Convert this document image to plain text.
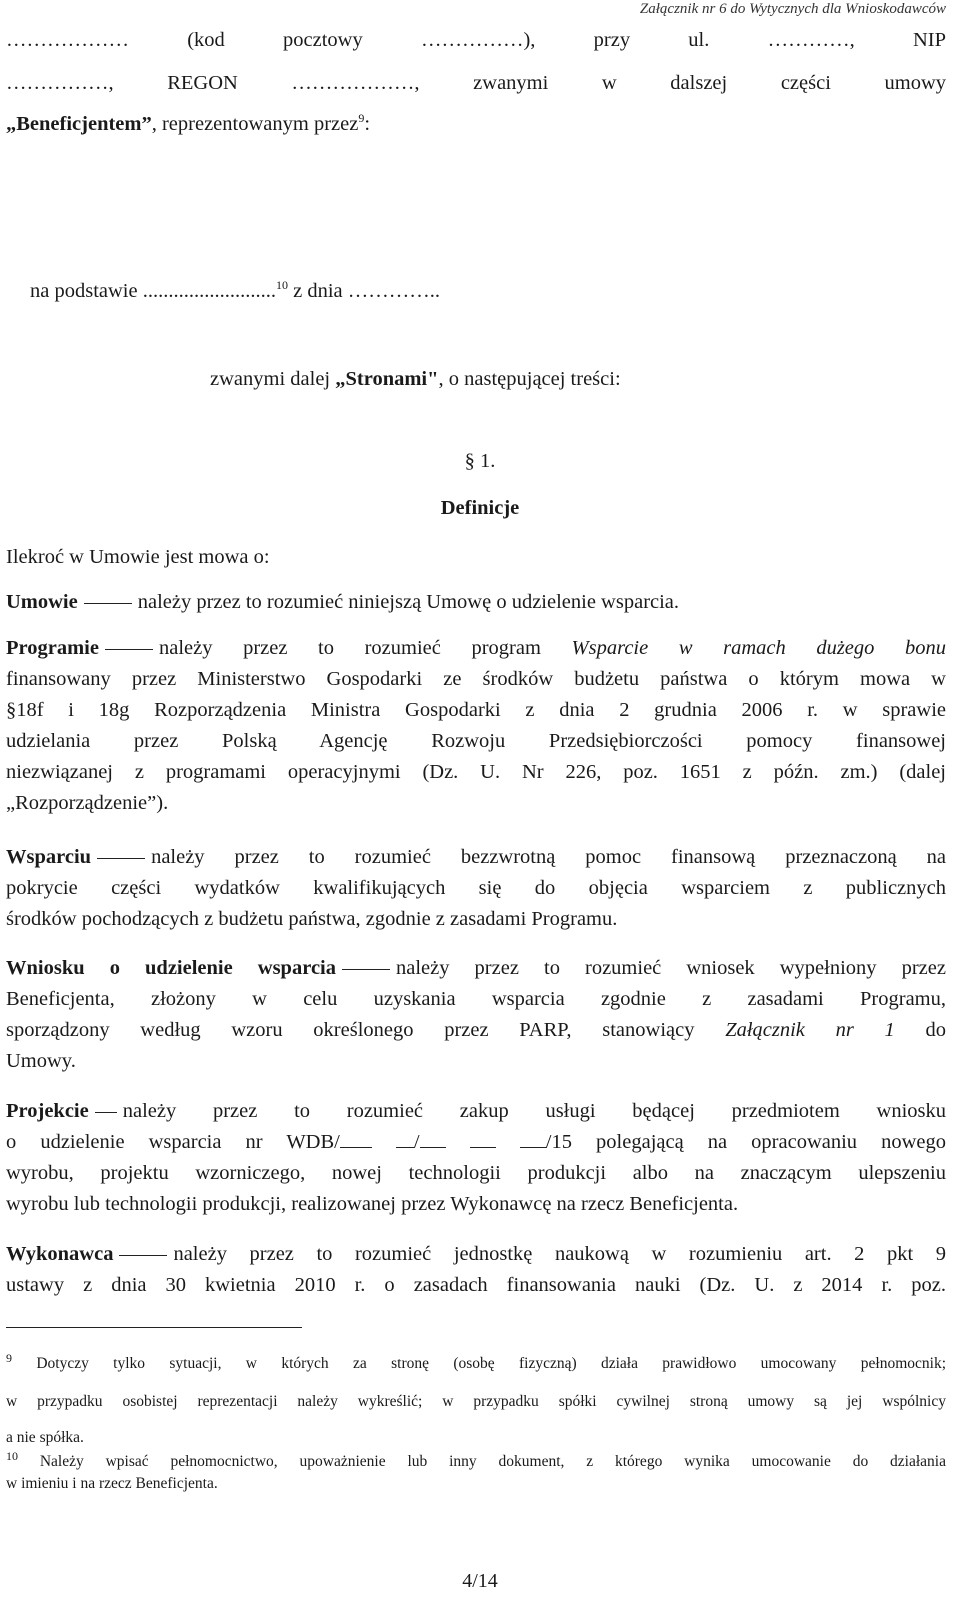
Załącznik nr 6 do Wytycznych dla Wnioskodawców
……………… (kod pocztowy ……………), przy ul. …………, NIP
……………, REGON ………………, zwanymi w dalszej części umowy
„Beneficjentem”, reprezentowanym przez$^9$:
na podstawie ..........................$^{10}$ z dnia …………..
zwanymi dalej „Stronami", o następującej treści:
§ 1.
Definicje
Ilekroć w Umowie jest mowa o:
Umowie	należy przez to rozumieć niniejszą Umowę o udzielenie wsparcia.
Programie	należy przez to rozumieć program Wsparcie w ramach dużego bonu
finansowany przez Ministerstwo Gospodarki ze środków budżetu państwa o którym mowa w
§18f i 18g Rozporządzenia Ministra Gospodarki z dnia 2 grudnia 2006 r. w sprawie
udzielania przez Polską Agencję Rozwoju Przedsiębiorczości pomocy finansowej
niezwiązanej z programami operacyjnymi (Dz. U. Nr 226, poz. 1651 z późn. zm.) (dalej
„Rozporządzenie”).
Wsparciu	należy przez to rozumieć bezzwrotną pomoc finansową przeznaczoną na
pokrycie części wydatków kwalifikujących się do objęcia wsparciem z publicznych
środków pochodzących z budżetu państwa, zgodnie z zasadami Programu.
Wniosku o udzielenie wsparcia	należy przez to rozumieć wniosek wypełniony przez
Beneficjenta, złożony w celu uzyskania wsparcia zgodnie z zasadami Programu,
sporządzony według wzoru określonego przez PARP, stanowiący Załącznik nr 1 do
Umowy.
Projekcie należy przez to rozumieć zakup usługi będącej przedmiotem wniosku
o udzielenie wsparcia nr WDB/	/	/15 polegającą na opracowaniu nowego
wyrobu, projektu wzorniczego, nowej technologii produkcji albo na znaczącym ulepszeniu
wyrobu lub technologii produkcji, realizowanej przez Wykonawcę na rzecz Beneficjenta.
Wykonawca	należy przez to rozumieć jednostkę naukową w rozumieniu art. 2 pkt 9
ustawy z dnia 30 kwietnia 2010 r. o zasadach finansowania nauki (Dz. U. z 2014 r. poz.
$^9$ Dotyczy tylko sytuacji, w których za stronę (osobę fizyczną) działa prawidłowo umocowany pełnomocnik;
w przypadku osobistej reprezentacji należy wykreślić; w przypadku spółki cywilnej stroną umowy są jej wspólnicy
a nie spółka.
$^{10}$ Należy wpisać pełnomocnictwo, upoważnienie lub inny dokument, z którego wynika umocowanie do działania
w imieniu i na rzecz Beneficjenta.
4/14
